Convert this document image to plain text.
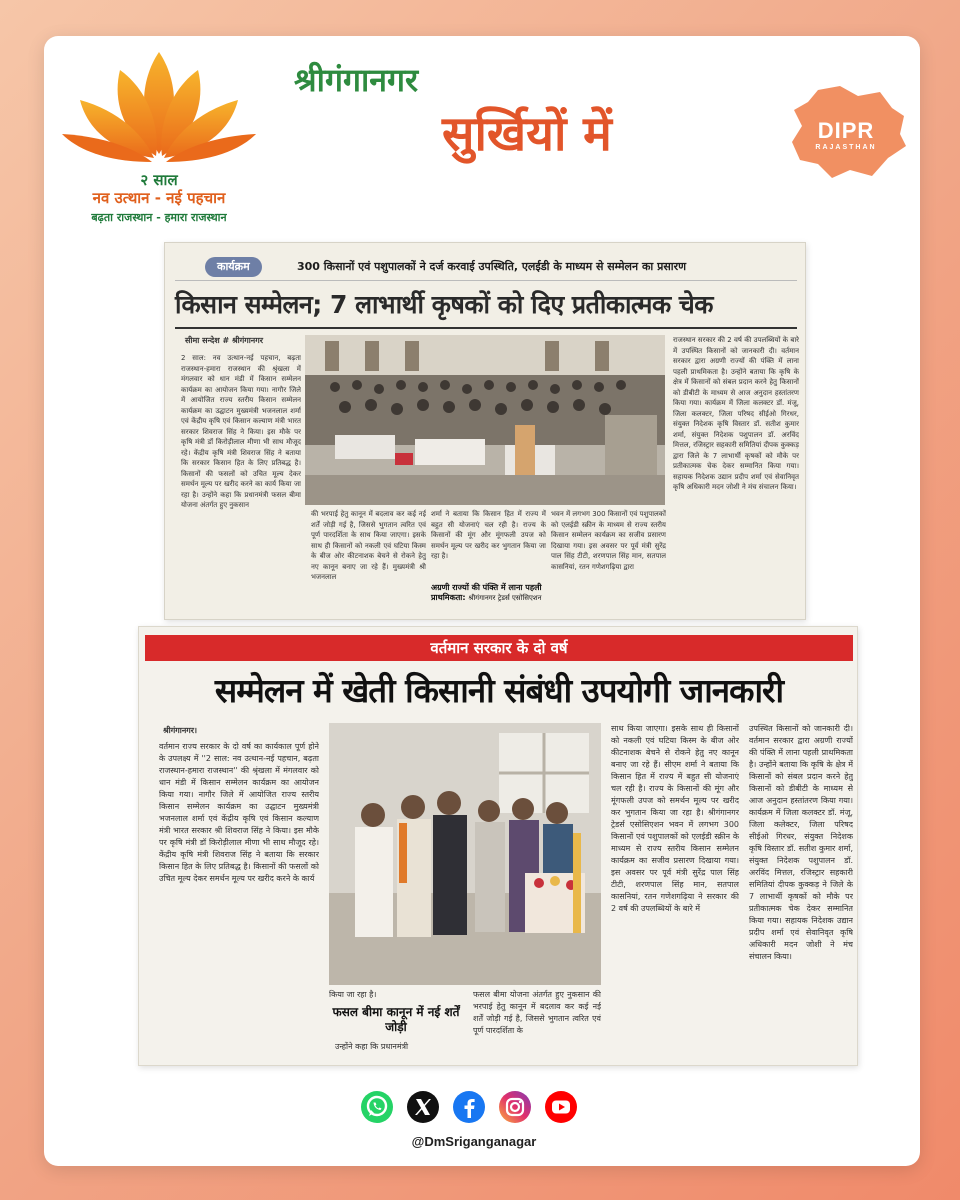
२ साल
नव उत्थान - नई पहचान
बढ़ता राजस्थान - हमारा राजस्थान
श्रीगंगानगर
सुर्खियों में	DIPR
RAJASTHAN
कार्यक्रम	300 किसानों एवं पशुपालकों ने दर्ज करवाई उपस्थिति, एलईडी के माध्यम से सम्मेलन का प्रसारण
किसान सम्मेलन; 7 लाभार्थी कृषकों को दिए प्रतीकात्मक चेक
सीमा सन्देश # श्रीगंगानगर
2 साल: नव उत्थान-नई पहचान, बढ़ता राजस्थान-हमारा राजस्थान की श्रृंखला में मंगलवार को धान मंडी में किसान सम्मेलन कार्यक्रम का आयोजन किया गया। नागौर जिले में आयोजित राज्य स्तरीय किसान सम्मेलन कार्यक्रम का उद्घाटन मुख्यमंत्री भजनलाल शर्मा एवं केंद्रीय कृषि एवं किसान कल्याण मंत्री भारत सरकार शिवराज सिंह ने किया। इस मौके पर कृषि मंत्री डॉ किरोड़ीलाल मीणा भी साथ मौजूद रहे। केंद्रीय कृषि मंत्री शिवराज सिंह ने बताया कि सरकार किसान हित के लिए प्रतिबद्ध है। किसानों की फसलों को उचित मूल्य देकर समर्थन मूल्य पर खरीद करने का कार्य किया जा रहा है। उन्होंने कहा कि प्रधानमंत्री फसल बीमा योजना अंतर्गत हुए नुकसान
की भरपाई हेतु कानून में बदलाव कर कई नई शर्तें जोड़ी गई है, जिससे भुगतान त्वरित एवं पूर्ण पारदर्शिता के साथ किया जाएगा। इसके साथ ही किसानों को नकली एवं घटिया किस्म के बीज ओर कीटनाशक बेचने से रोकने हेतु नए कानून बनाए जा रहे हैं। मुख्यमंत्री श्री भजनलाल
शर्मा ने बताया कि किसान हित में राज्य में बहुत सी योजनाएं चल रही है। राज्य के किसानों की मूंग और मूंगफली उपज को समर्थन मूल्य पर खरीद कर भुगतान किया जा रहा है।
अग्रणी राज्यों की पंक्ति में लाना पहली प्राथमिकता: श्रीगंगानगर ट्रेडर्स एसोसिएशन
भवन में लगभग 300 किसानों एवं पशुपालकों को एलईडी स्क्रीन के माध्यम से राज्य स्तरीय किसान सम्मेलन कार्यक्रम का सजीव प्रसारण दिखाया गया। इस अवसर पर पूर्व मंत्री सुरेंद्र पाल सिंह टीटी, शरणपाल सिंह मान, सतपाल कासनियां, रतन गणेशगढ़िया द्वारा
राजस्थान सरकार की 2 वर्ष की उपलब्धियों के बारे में उपस्थित किसानों को जानकारी दी। वर्तमान सरकार द्वारा अग्रणी राज्यों की पंक्ति में लाना पहली प्राथमिकता है। उन्होंने बताया कि कृषि के क्षेत्र में किसानों को संबल प्रदान करने हेतु किसानों को डीबीटी के माध्यम से आज अनुदान हस्तांतरण किया गया। कार्यक्रम में जिला कलक्टर डॉ. मंजू, जिला कलक्टर, जिला परिषद सीईओ गिरधर, संयुक्त निदेशक कृषि विस्तार डॉ. सतीश कुमार शर्मा, संयुक्त निदेशक पशुपालन डॉ. अरविंद मित्तल, रजिस्ट्रार सहकारी समितियां दीपक कुक्कड़ द्वारा जिले के 7 लाभार्थी कृषकों को मौके पर प्रतीकात्मक चेक देकर सम्मानित किया गया। सहायक निदेशक उद्यान प्रदीप शर्मा एवं सेवानिवृत कृषि अधिकारी मदन जोशी ने मंच संचालन किया।
वर्तमान सरकार के दो वर्ष
सम्मेलन में खेती किसानी संबंधी उपयोगी जानकारी
श्रीगंगानगर।
वर्तमान राज्य सरकार के दो वर्ष का कार्यकाल पूर्ण होने के उपलक्ष्य में ''2 साल: नव उत्थान-नई पहचान, बढ़ता राजस्थान-हमारा राजस्थान'' की श्रृंखला में मंगलवार को धान मंडी में किसान सम्मेलन कार्यक्रम का आयोजन किया गया। नागौर जिले में आयोजित राज्य स्तरीय किसान सम्मेलन कार्यक्रम का उद्घाटन मुख्यमंत्री भजनलाल शर्मा एवं केंद्रीय कृषि एवं किसान कल्याण मंत्री भारत सरकार श्री शिवराज सिंह ने किया। इस मौके पर कृषि मंत्री डॉ किरोड़ीलाल मीणा भी साथ मौजूद रहे। केंद्रीय कृषि मंत्री शिवराज सिंह ने बताया कि सरकार किसान हित के लिए प्रतिबद्ध है। किसानों की फसलों को उचित मूल्य देकर समर्थन मूल्य पर खरीद करने के कार्य
किया जा रहा है।
फसल बीमा कानून में नई शर्तें जोड़ी
उन्होंने कहा कि प्रधानमंत्री
फसल बीमा योजना अंतर्गत हुए नुकसान की भरपाई हेतु कानून में बदलाव कर कई नई शर्तें जोड़ी गई है, जिससे भुगतान त्वरित एवं पूर्ण पारदर्शिता के
साथ किया जाएगा। इसके साथ ही किसानों को नकली एवं घटिया किस्म के बीज ओर कीटनाशक बेचने से रोकने हेतु नए कानून बनाए जा रहे हैं। सीएम शर्मा ने बताया कि किसान हित में राज्य में बहुत सी योजनाएं चल रही है। राज्य के किसानों की मूंग और मूंगफली उपज को समर्थन मूल्य पर खरीद कर भुगतान किया जा रहा है। श्रीगंगानगर ट्रेडर्स एसोसिएशन भवन में लगभग 300 किसानों एवं पशुपालकों को एलईडी स्क्रीन के माध्यम से राज्य स्तरीय किसान सम्मेलन कार्यक्रम का सजीव प्रसारण दिखाया गया। इस अवसर पर पूर्व मंत्री सुरेंद्र पाल सिंह टीटी, शरणपाल सिंह मान, सतपाल कासनियां, रतन गणेशगढ़िया ने सरकार की 2 वर्ष की उपलब्धियों के बारे में
उपस्थित किसानों को जानकारी दी। वर्तमान सरकार द्वारा अग्रणी राज्यों की पंक्ति में लाना पहली प्राथमिकता है। उन्होंने बताया कि कृषि के क्षेत्र में किसानों को संबल प्रदान करने हेतु किसानों को डीबीटी के माध्यम से आज अनुदान हस्तांतरण किया गया। कार्यक्रम में जिला कलक्टर डॉ. मंजू, जिला कलेक्टर, जिला परिषद सीईओ गिरधर, संयुक्त निदेशक कृषि विस्तार डॉ. सतीश कुमार शर्मा, संयुक्त निदेशक पशुपालन डॉ. अरविंद मित्तल, रजिस्ट्रार सहकारी समितियां दीपक कुक्कड़ ने जिले के 7 लाभार्थी कृषकों को मौके पर प्रतीकात्मक चेक देकर सम्मानित किया गया। सहायक निदेशक उद्यान प्रदीप शर्मा एवं सेवानिवृत कृषि अधिकारी मदन जोशी ने मंच संचालन किया।
@DmSriganganagar
